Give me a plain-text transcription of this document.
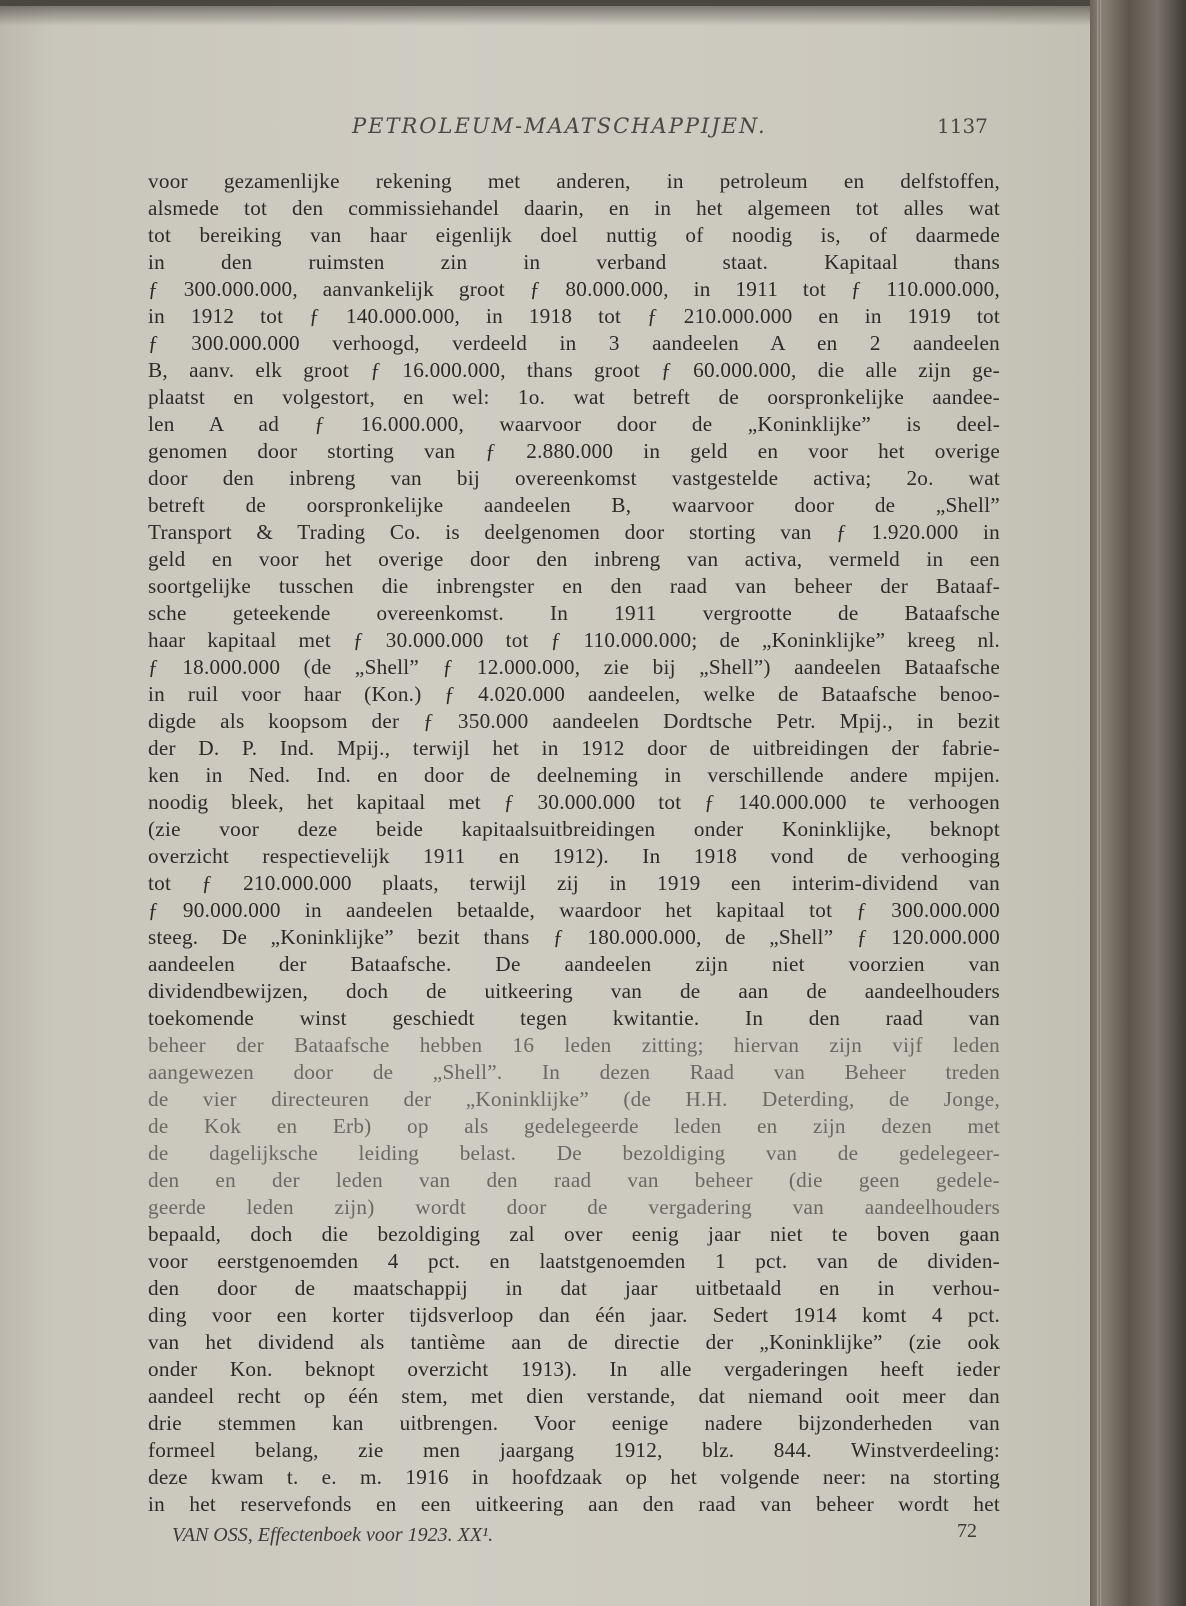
PETROLEUM-MAATSCHAPPIJEN.	1137
voor gezamenlijke rekening met anderen, in petroleum en delfstoffen,
alsmede tot den commissiehandel daarin, en in het algemeen tot alles wat
tot bereiking van haar eigenlijk doel nuttig of noodig is, of daarmede
in den ruimsten zin in verband staat. Kapitaal thans
ƒ 300.000.000, aanvankelijk groot ƒ 80.000.000, in 1911 tot ƒ 110.000.000,
in 1912 tot ƒ 140.000.000, in 1918 tot ƒ 210.000.000 en in 1919 tot
ƒ 300.000.000 verhoogd, verdeeld in 3 aandeelen A en 2 aandeelen
B, aanv. elk groot ƒ 16.000.000, thans groot ƒ 60.000.000, die alle zijn ge-
plaatst en volgestort, en wel: 1o. wat betreft de oorspronkelijke aandee-
len A ad ƒ 16.000.000, waarvoor door de „Koninklijke” is deel-
genomen door storting van ƒ 2.880.000 in geld en voor het overige
door den inbreng van bij overeenkomst vastgestelde activa; 2o. wat
betreft de oorspronkelijke aandeelen B, waarvoor door de „Shell”
Transport & Trading Co. is deelgenomen door storting van ƒ 1.920.000 in
geld en voor het overige door den inbreng van activa, vermeld in een
soortgelijke tusschen die inbrengster en den raad van beheer der Bataaf-
sche geteekende overeenkomst. In 1911 vergrootte de Bataafsche
haar kapitaal met ƒ 30.000.000 tot ƒ 110.000.000; de „Koninklijke” kreeg nl.
ƒ 18.000.000 (de „Shell” ƒ 12.000.000, zie bij „Shell”) aandeelen Bataafsche
in ruil voor haar (Kon.) ƒ 4.020.000 aandeelen, welke de Bataafsche benoo-
digde als koopsom der ƒ 350.000 aandeelen Dordtsche Petr. Mpij., in bezit
der D. P. Ind. Mpij., terwijl het in 1912 door de uitbreidingen der fabrie-
ken in Ned. Ind. en door de deelneming in verschillende andere mpijen.
noodig bleek, het kapitaal met ƒ 30.000.000 tot ƒ 140.000.000 te verhoogen
(zie voor deze beide kapitaalsuitbreidingen onder Koninklijke, beknopt
overzicht respectievelijk 1911 en 1912). In 1918 vond de verhooging
tot ƒ 210.000.000 plaats, terwijl zij in 1919 een interim-dividend van
ƒ 90.000.000 in aandeelen betaalde, waardoor het kapitaal tot ƒ 300.000.000
steeg. De „Koninklijke” bezit thans ƒ 180.000.000, de „Shell” ƒ 120.000.000
aandeelen der Bataafsche. De aandeelen zijn niet voorzien van
dividendbewijzen, doch de uitkeering van de aan de aandeelhouders
toekomende winst geschiedt tegen kwitantie. In den raad van
beheer der Bataafsche hebben 16 leden zitting; hiervan zijn vijf leden
aangewezen door de „Shell”. In dezen Raad van Beheer treden
de vier directeuren der „Koninklijke” (de H.H. Deterding, de Jonge,
de Kok en Erb) op als gedelegeerde leden en zijn dezen met
de dagelijksche leiding belast. De bezoldiging van de gedelegeer-
den en der leden van den raad van beheer (die geen gedele-
geerde leden zijn) wordt door de vergadering van aandeelhouders
bepaald, doch die bezoldiging zal over eenig jaar niet te boven gaan
voor eerstgenoemden 4 pct. en laatstgenoemden 1 pct. van de dividen-
den door de maatschappij in dat jaar uitbetaald en in verhou-
ding voor een korter tijdsverloop dan één jaar. Sedert 1914 komt 4 pct.
van het dividend als tantième aan de directie der „Koninklijke” (zie ook
onder Kon. beknopt overzicht 1913). In alle vergaderingen heeft ieder
aandeel recht op één stem, met dien verstande, dat niemand ooit meer dan
drie stemmen kan uitbrengen. Voor eenige nadere bijzonderheden van
formeel belang, zie men jaargang 1912, blz. 844. Winstverdeeling:
deze kwam t. e. m. 1916 in hoofdzaak op het volgende neer: na storting
in het reservefonds en een uitkeering aan den raad van beheer wordt het
VAN OSS, Effectenboek voor 1923. XX¹.	72
